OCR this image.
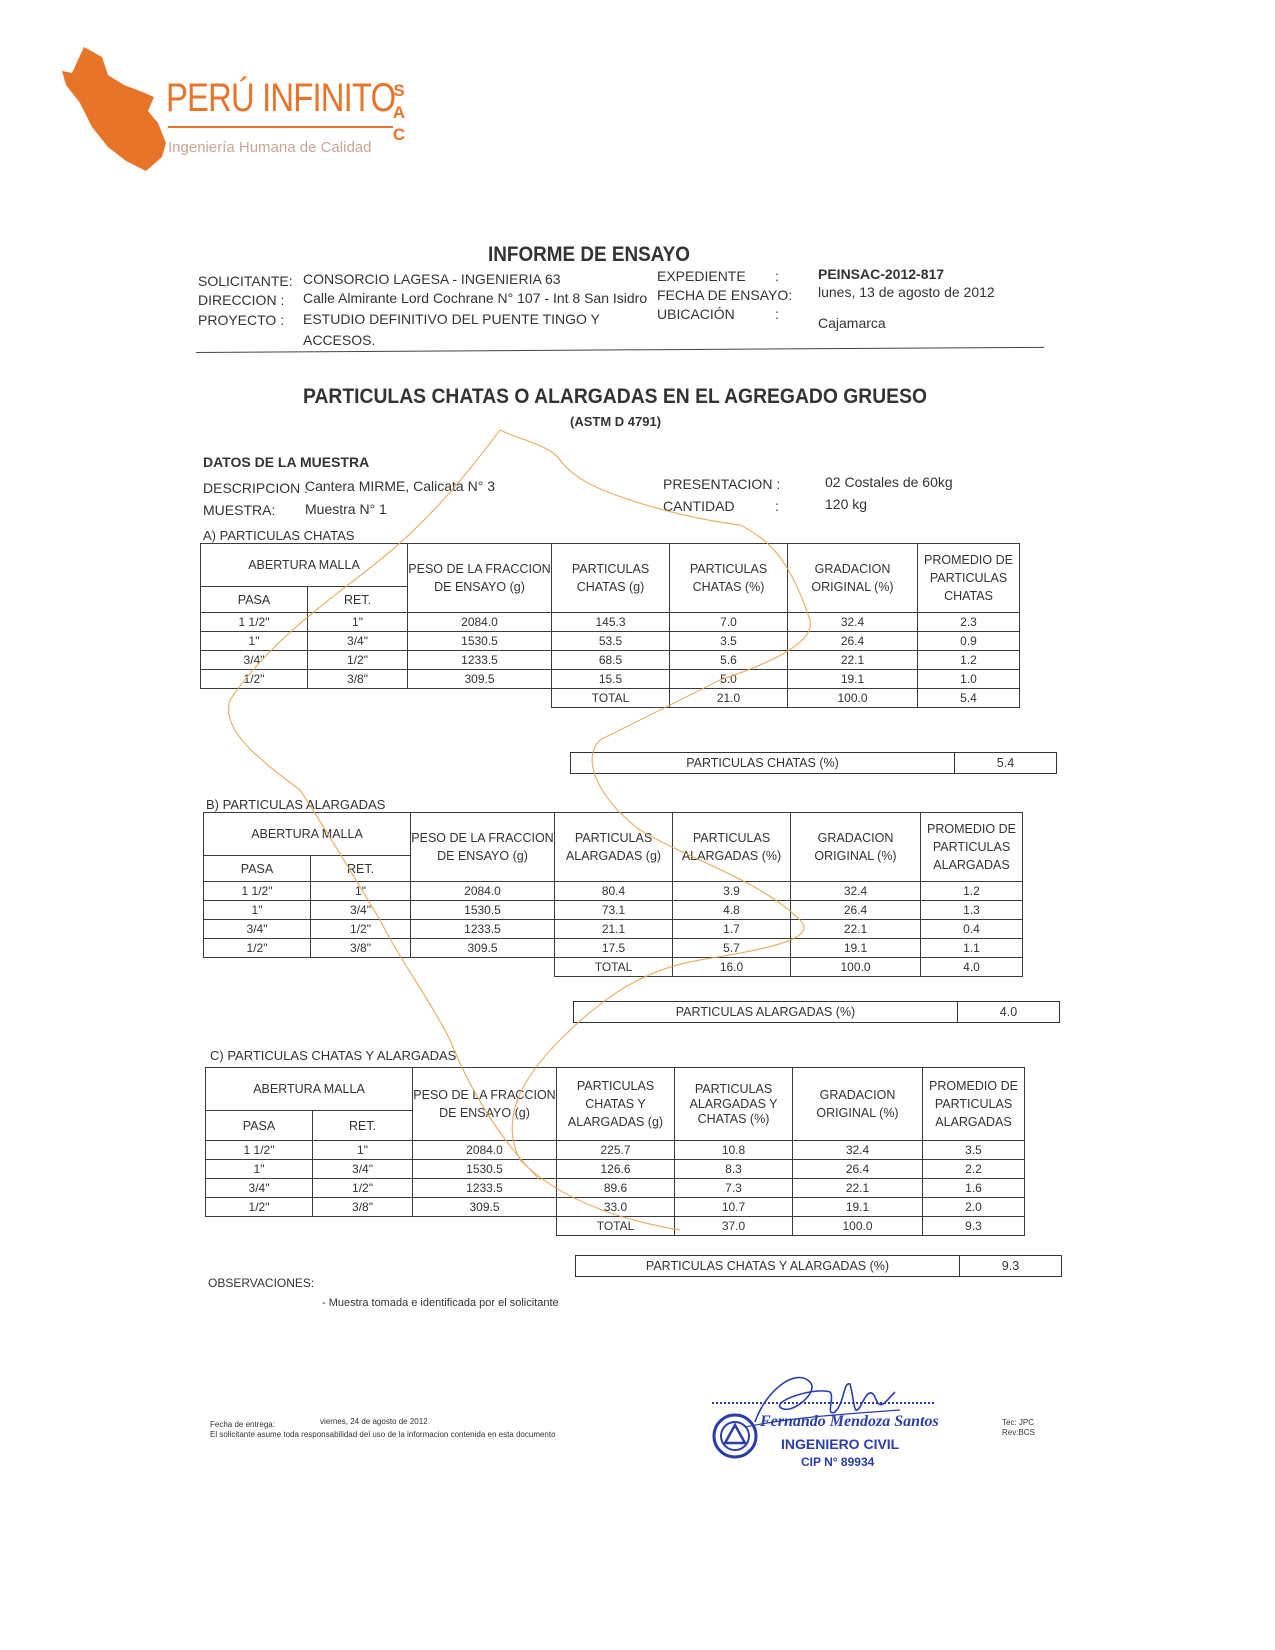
PERÚ INFINITO
S
A
C
Ingeniería Humana de Calidad
INFORME DE ENSAYO
SOLICITANTE: CONSORCIO LAGESA - INGENIERIA 63
DIRECCION : Calle Almirante Lord Cochrane N° 107 - Int 8 San Isidro
PROYECTO : ESTUDIO DEFINITIVO DEL PUENTE TINGO Y
ACCESOS.
EXPEDIENTE :	PEINSAC-2012-817
FECHA DE ENSAYO: lunes, 13 de agosto de 2012
UBICACIÓN	:
Cajamarca
PARTICULAS CHATAS O ALARGADAS EN EL AGREGADO GRUESO
(ASTM D 4791)
DATOS DE LA MUESTRA
DESCRIPCION :
Cantera MIRME, Calicata N° 3
MUESTRA: Muestra N° 1
PRESENTACION :	02 Costales de 60kg
CANTIDAD	:	120 kg
A) PARTICULAS CHATAS
ABERTURA MALLA		PESO DE LA FRACCION DE ENSAYO (g)	PARTICULAS CHATAS (g)	PARTICULAS CHATAS (%)	GRADACION ORIGINAL (%)	PROMEDIO DE PARTICULAS CHATAS
PASA	RET.					
1 1/2"	1"	2084.0	145.3	7.0	32.4	2.3
1"	3/4"	1530.5	53.5	3.5	26.4	0.9
3/4"	1/2"	1233.5	68.5	5.6	22.1	1.2
1/2"	3/8"	309.5	15.5	5.0	19.1	1.0
			TOTAL	21.0	100.0	5.4
PARTICULAS CHATAS (%)	5.4
B) PARTICULAS ALARGADAS
ABERTURA MALLA		PESO DE LA FRACCION DE ENSAYO (g)	PARTICULAS ALARGADAS (g)	PARTICULAS ALARGADAS (%)	GRADACION ORIGINAL (%)	PROMEDIO DE PARTICULAS ALARGADAS
PASA	RET.					
1 1/2"	1"	2084.0	80.4	3.9	32.4	1.2
1"	3/4"	1530.5	73.1	4.8	26.4	1.3
3/4"	1/2"	1233.5	21.1	1.7	22.1	0.4
1/2"	3/8"	309.5	17.5	5.7	19.1	1.1
			TOTAL	16.0	100.0	4.0
PARTICULAS ALARGADAS (%)	4.0
C) PARTICULAS CHATAS Y ALARGADAS
ABERTURA MALLA		PESO DE LA FRACCION DE ENSAYO (g)	PARTICULAS CHATAS Y ALARGADAS (g)	PARTICULAS ALARGADAS Y CHATAS (%)	GRADACION ORIGINAL (%)	PROMEDIO DE PARTICULAS ALARGADAS
PASA	RET.					
1 1/2"	1"	2084.0	225.7	10.8	32.4	3.5
1"	3/4"	1530.5	126.6	8.3	26.4	2.2
3/4"	1/2"	1233.5	89.6	7.3	22.1	1.6
1/2"	3/8"	309.5	33.0	10.7	19.1	2.0
			TOTAL	37.0	100.0	9.3
PARTICULAS CHATAS Y ALARGADAS (%)	9.3
OBSERVACIONES:
- Muestra tomada e identificada por el solicitante
Fecha de entrega:	viernes, 24 de agosto de 2012
El solicitante asume toda responsabilidad del uso de la informacion contenida en esta documento
Fernando Mendoza Santos
INGENIERO CIVIL
CIP N° 89934
Tec: JPC
Rev:BCS
